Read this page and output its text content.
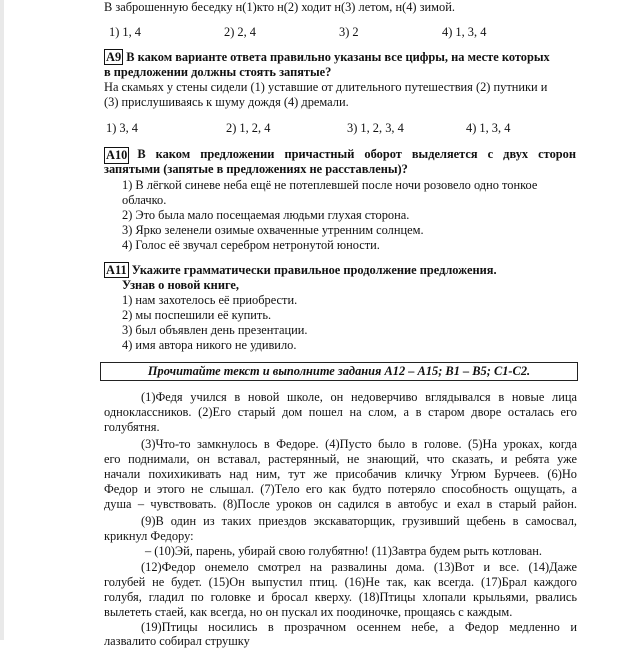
В заброшенную беседку н(1)кто н(2) ходит н(3) летом, н(4) зимой.
1) 1, 4	2) 2, 4	3) 2	4) 1, 3, 4
А9 В каком варианте ответа правильно указаны все цифры, на месте которых
в предложении должны стоять запятые?
На скамьях у стены сидели (1) уставшие от длительного путешествия (2) путники и
(3) прислушиваясь к шуму дождя (4) дремали.
1) 3, 4	2) 1, 2, 4	3) 1, 2, 3, 4	4) 1, 3, 4
А10 В каком предложении причастный оборот выделяется с двух сторон
запятыми (запятые в предложениях не расставлены)?
1) В лёгкой синеве неба ещё не потеплевшей после ночи розовело одно тонкое
облачко.
2) Это была мало посещаемая людьми глухая сторона.
3) Ярко зеленели озимые охваченные утренним солнцем.
4) Голос её звучал серебром нетронутой юности.
А11 Укажите грамматически правильное продолжение предложения.
Узнав о новой книге,
1) нам захотелось её приобрести.
2) мы поспешили её купить.
3) был объявлен день презентации.
4) имя автора никого не удивило.
Прочитайте текст и выполните задания А12 – А15; В1 – В5; С1-С2.
(1)Федя учился в новой школе, он недоверчиво вглядывался в новые лица
одноклассников. (2)Его старый дом пошел на слом, а в старом дворе осталась его
голубятня.
(3)Что-то замкнулось в Федоре. (4)Пусто было в голове. (5)На уроках, когда
его поднимали, он вставал, растерянный, не знающий, что сказать, и ребята уже
начали похихикивать над ним, тут же присобачив кличку Угрюм Бурчеев. (6)Но
Федор и этого не слышал. (7)Тело его как будто потеряло способность ощущать, а
душа – чувствовать. (8)После уроков он садился в автобус и ехал в старый район.
(9)В один из таких приездов экскаваторщик, грузивший щебень в самосвал,
крикнул Федору:
– (10)Эй, парень, убирай свою голубятню! (11)Завтра будем рыть котлован.
(12)Федор онемело смотрел на развалины дома. (13)Вот и все. (14)Даже
голубей не будет. (15)Он выпустил птиц. (16)Не так, как всегда. (17)Брал каждого
голубя, гладил по головке и бросал кверху. (18)Птицы хлопали крыльями, рвались
вылететь стаей, как всегда, но он пускал их поодиночке, прощаясь с каждым.
(19)Птицы носились в прозрачном осеннем небе, а Федор медленно и
лазвалито собирал струшку
